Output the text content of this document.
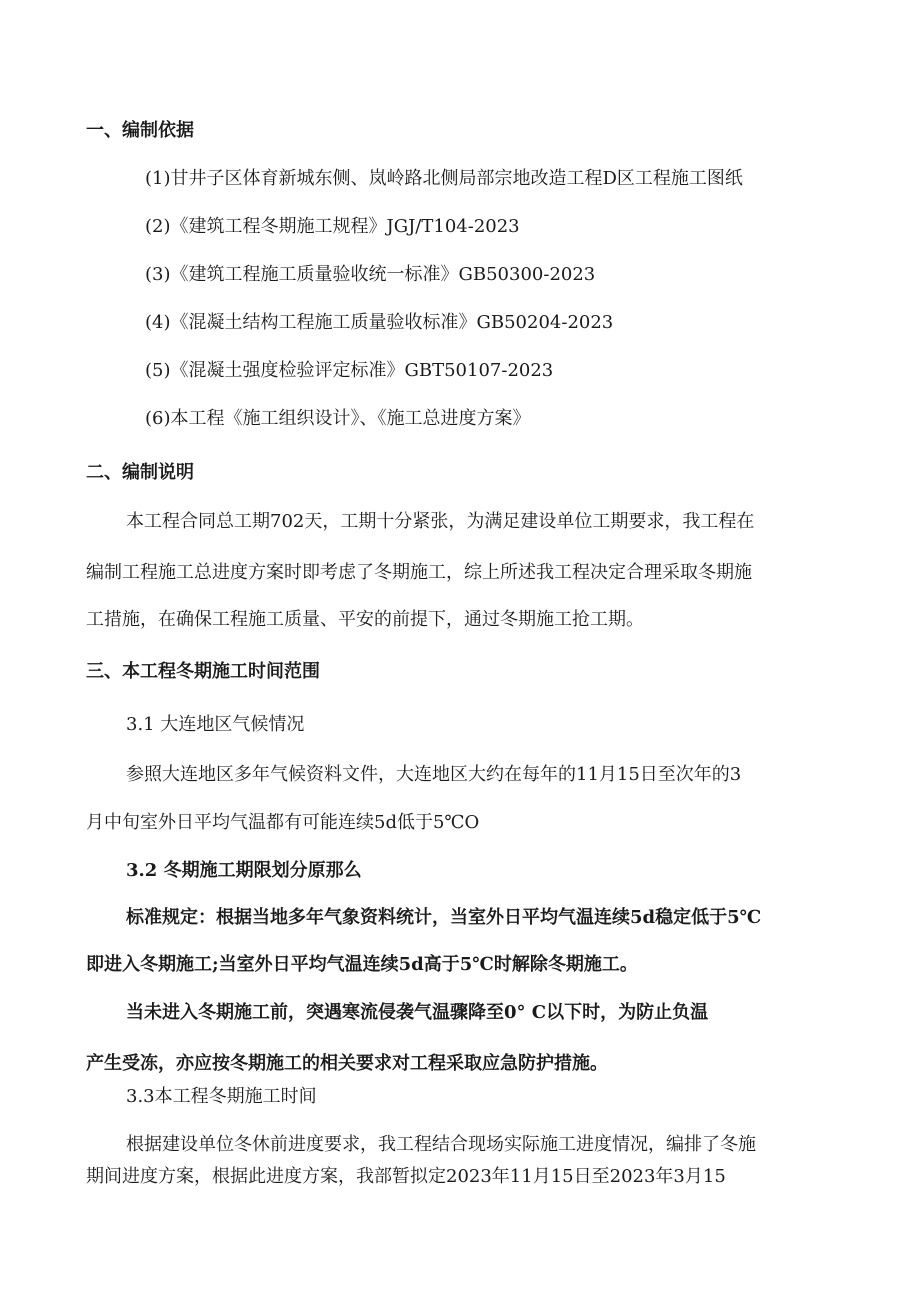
一、编制依据
(1)甘井子区体育新城东侧、岚岭路北侧局部宗地改造工程D区工程施工图纸
(2)《建筑工程冬期施工规程》JGJ/T104-2023
(3)《建筑工程施工质量验收统一标准》GB50300-2023
(4)《混凝土结构工程施工质量验收标准》GB50204-2023
(5)《混凝土强度检验评定标准》GBT50107-2023
(6)本工程《施工组织设计》、《施工总进度方案》
二、编制说明
本工程合同总工期702天，工期十分紧张，为满足建设单位工期要求，我工程在
编制工程施工总进度方案时即考虑了冬期施工，综上所述我工程决定合理采取冬期施
工措施，在确保工程施工质量、平安的前提下，通过冬期施工抢工期。
三、本工程冬期施工时间范围
3.1 大连地区气候情况
参照大连地区多年气候资料文件，大连地区大约在每年的11月15日至次年的3
月中旬室外日平均气温都有可能连续5d低于5℃O
3.2 冬期施工期限划分原那么
标准规定：根据当地多年气象资料统计，当室外日平均气温连续5d稳定低于5℃
即进入冬期施工;当室外日平均气温连续5d高于5℃时解除冬期施工。
当未进入冬期施工前，突遇寒流侵袭气温骤降至0° C以下时，为防止负温
产生受冻，亦应按冬期施工的相关要求对工程采取应急防护措施。
3.3本工程冬期施工时间
根据建设单位冬休前进度要求，我工程结合现场实际施工进度情况，编排了冬施
期间进度方案，根据此进度方案，我部暂拟定2023年11月15日至2023年3月15
